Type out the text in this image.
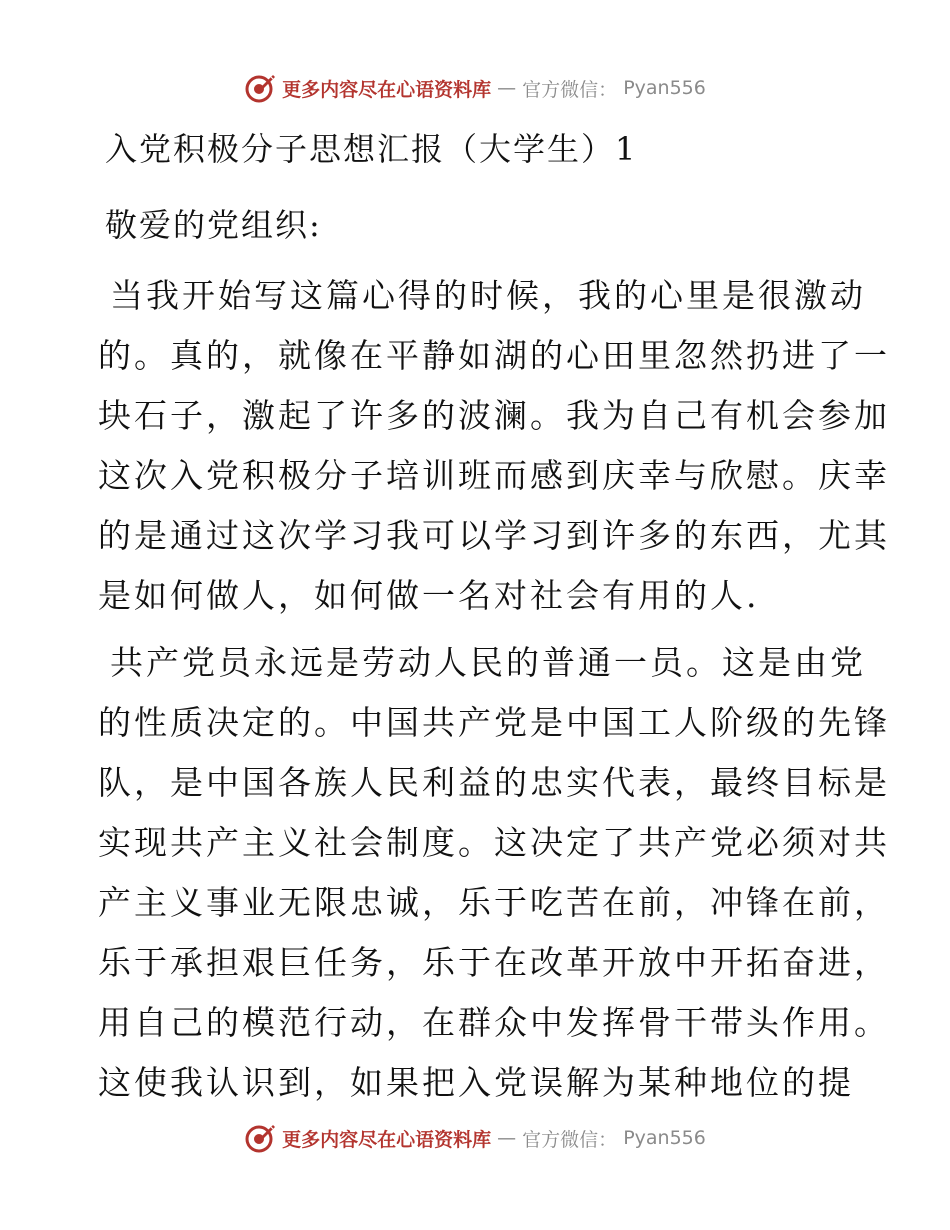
更多内容尽在心语资料库 — 官方微信： Pyan556
入党积极分子思想汇报（大学生）1
敬爱的党组织:
当我开始写这篇心得的时候，我的心里是很激动
的。真的，就像在平静如湖的心田里忽然扔进了一
块石子，激起了许多的波澜。我为自己有机会参加
这次入党积极分子培训班而感到庆幸与欣慰。庆幸
的是通过这次学习我可以学习到许多的东西，尤其
是如何做人，如何做一名对社会有用的人.
共产党员永远是劳动人民的普通一员。这是由党
的性质决定的。中国共产党是中国工人阶级的先锋
队，是中国各族人民利益的忠实代表，最终目标是
实现共产主义社会制度。这决定了共产党必须对共
产主义事业无限忠诚，乐于吃苦在前，冲锋在前，
乐于承担艰巨任务，乐于在改革开放中开拓奋进，
用自己的模范行动，在群众中发挥骨干带头作用。
这使我认识到，如果把入党误解为某种地位的提
更多内容尽在心语资料库 — 官方微信： Pyan556
